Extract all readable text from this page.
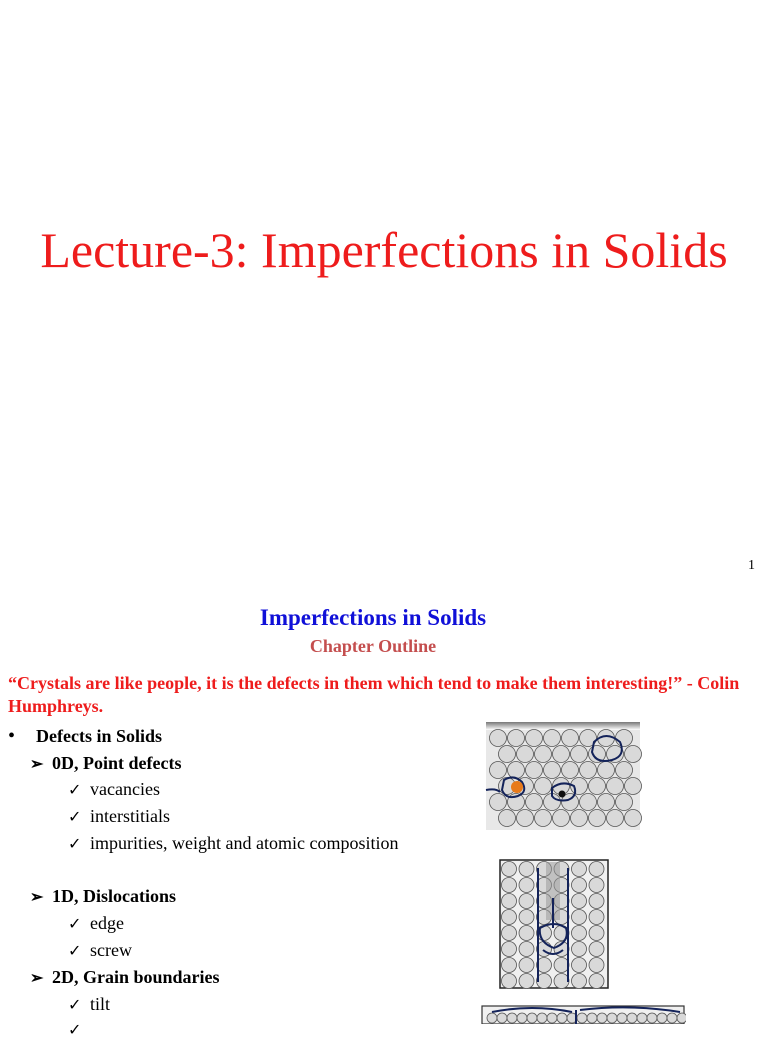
Lecture-3: Imperfections in Solids
1
Imperfections in Solids
Chapter Outline
“Crystals are like people, it is the defects in them which tend to make them interesting!” - Colin Humphreys.
• Defects in Solids
➢ 0D, Point defects
✓ vacancies
✓ interstitials
✓ impurities, weight and atomic composition
➢ 1D, Dislocations
✓ edge
✓ screw
➢ 2D, Grain boundaries
✓ tilt
✓
